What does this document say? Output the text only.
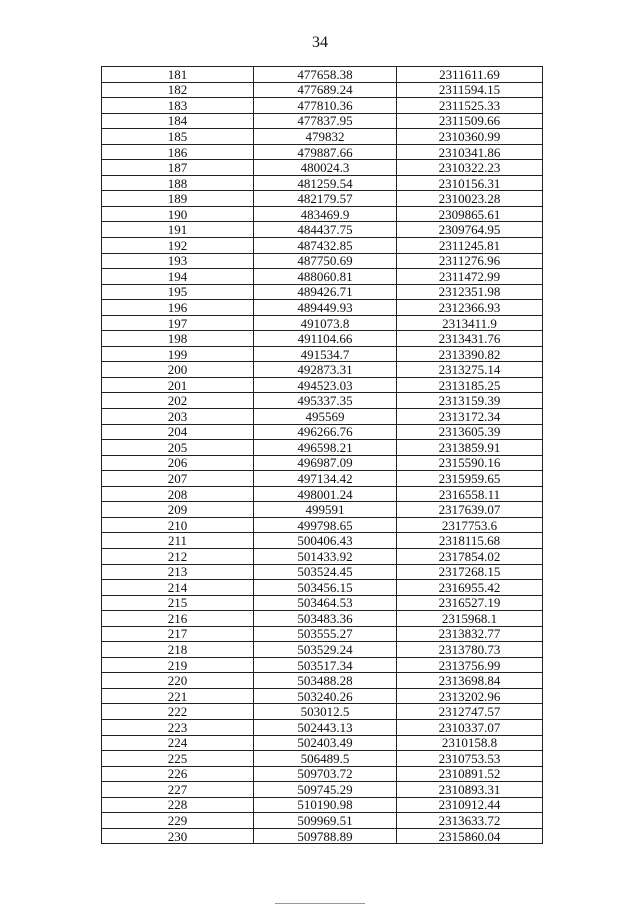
34
181	477658.38	2311611.69
182	477689.24	2311594.15
183	477810.36	2311525.33
184	477837.95	2311509.66
185	479832	2310360.99
186	479887.66	2310341.86
187	480024.3	2310322.23
188	481259.54	2310156.31
189	482179.57	2310023.28
190	483469.9	2309865.61
191	484437.75	2309764.95
192	487432.85	2311245.81
193	487750.69	2311276.96
194	488060.81	2311472.99
195	489426.71	2312351.98
196	489449.93	2312366.93
197	491073.8	2313411.9
198	491104.66	2313431.76
199	491534.7	2313390.82
200	492873.31	2313275.14
201	494523.03	2313185.25
202	495337.35	2313159.39
203	495569	2313172.34
204	496266.76	2313605.39
205	496598.21	2313859.91
206	496987.09	2315590.16
207	497134.42	2315959.65
208	498001.24	2316558.11
209	499591	2317639.07
210	499798.65	2317753.6
211	500406.43	2318115.68
212	501433.92	2317854.02
213	503524.45	2317268.15
214	503456.15	2316955.42
215	503464.53	2316527.19
216	503483.36	2315968.1
217	503555.27	2313832.77
218	503529.24	2313780.73
219	503517.34	2313756.99
220	503488.28	2313698.84
221	503240.26	2313202.96
222	503012.5	2312747.57
223	502443.13	2310337.07
224	502403.49	2310158.8
225	506489.5	2310753.53
226	509703.72	2310891.52
227	509745.29	2310893.31
228	510190.98	2310912.44
229	509969.51	2313633.72
230	509788.89	2315860.04
